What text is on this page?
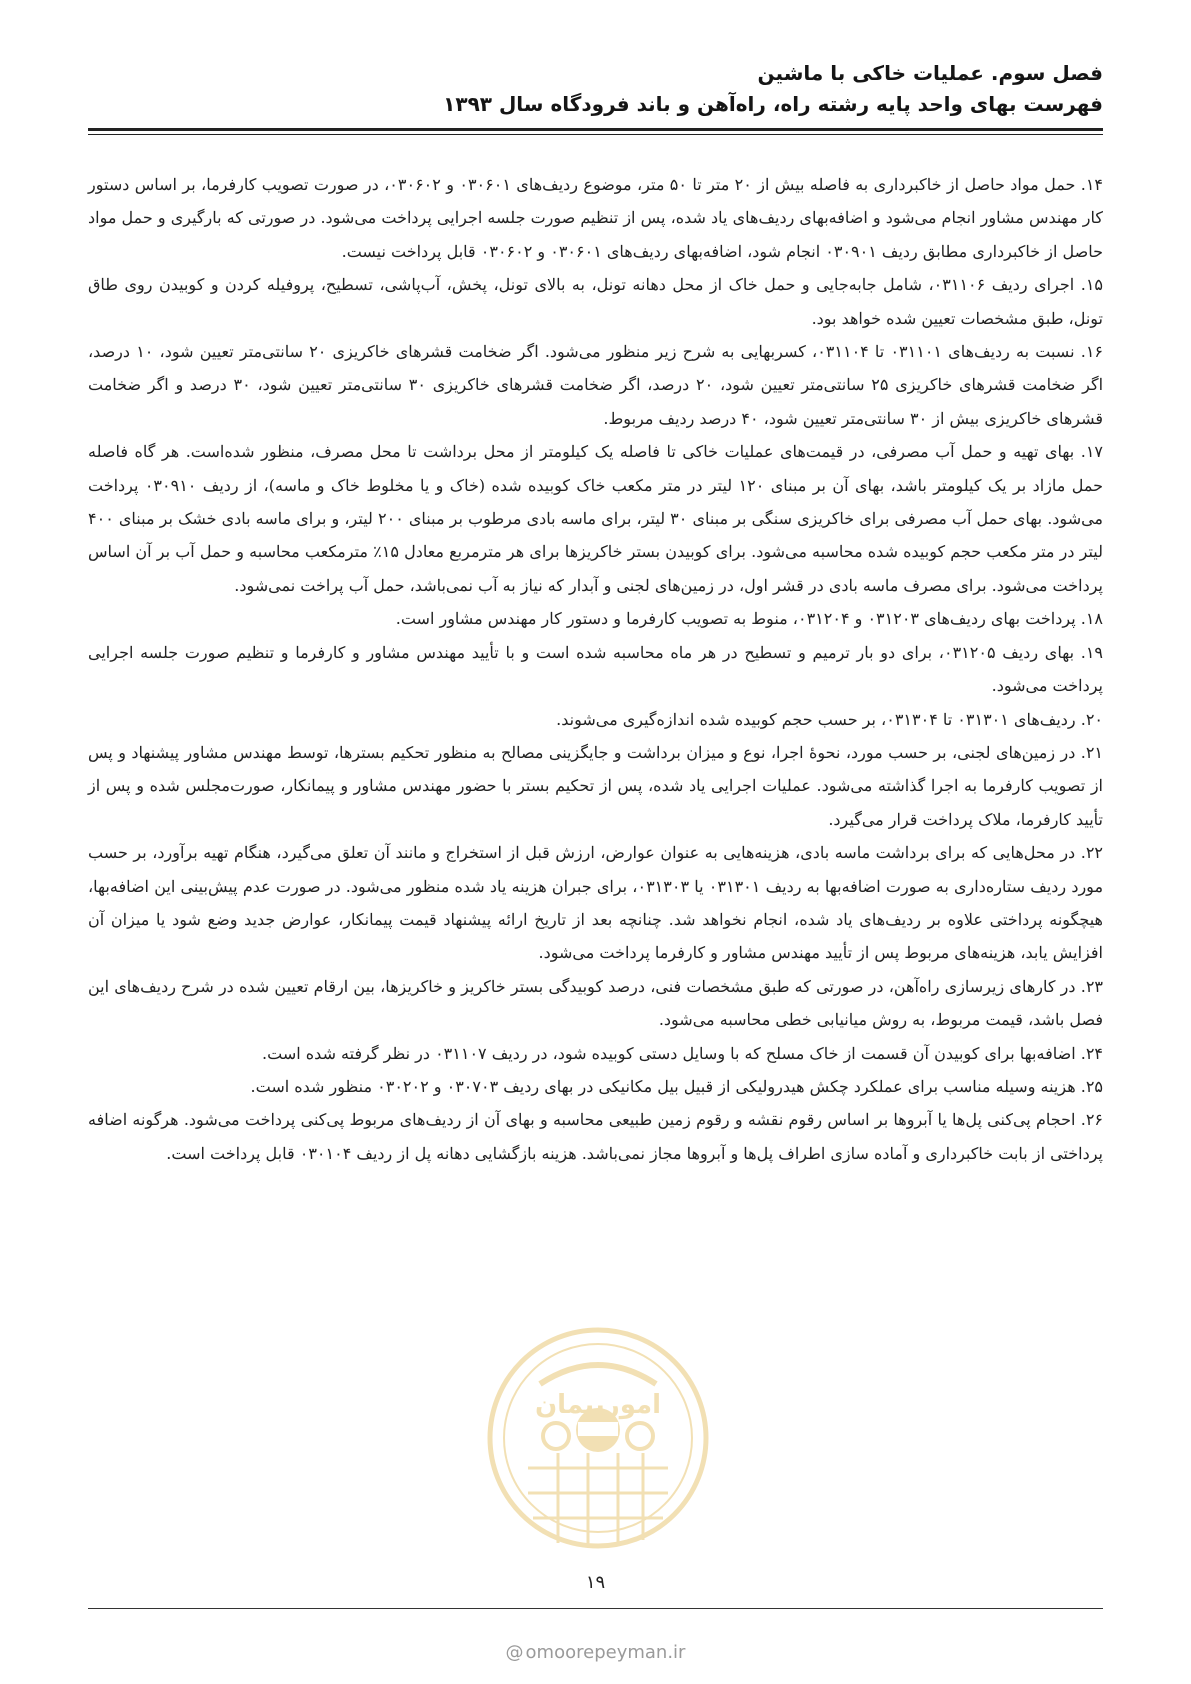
فصل سوم. عملیات خاکی با ماشین
فهرست بهای واحد پایه رشته راه، راه‌آهن و باند فرودگاه سال ۱۳۹۳

۱۴. حمل مواد حاصل از خاکبرداری به فاصله بیش از ۲۰ متر تا ۵۰ متر، موضوع ردیف‌های ۰۳۰۶۰۱ و ۰۳۰۶۰۲، در صورت تصویب کارفرما، بر اساس دستور کار مهندس مشاور انجام می‌شود و اضافه‌بهای ردیف‌های یاد شده، پس از تنظیم صورت جلسه اجرایی پرداخت می‌شود. در صورتی که بارگیری و حمل مواد حاصل از خاکبرداری مطابق ردیف ۰۳۰۹۰۱ انجام شود، اضافه‌بهای ردیف‌های ۰۳۰۶۰۱ و ۰۳۰۶۰۲ قابل پرداخت نیست.

۱۵. اجرای ردیف ۰۳۱۱۰۶، شامل جابه‌جایی و حمل خاک از محل دهانه تونل، به بالای تونل، پخش، آب‌پاشی، تسطیح، پروفیله کردن و کوبیدن روی طاق تونل، طبق مشخصات تعیین شده خواهد بود.

۱۶. نسبت به ردیف‌های ۰۳۱۱۰۱ تا ۰۳۱۱۰۴، کسربهایی به شرح زیر منظور می‌شود. اگر ضخامت قشرهای خاکریزی ۲۰ سانتی‌متر تعیین شود، ۱۰ درصد، اگر ضخامت قشرهای خاکریزی ۲۵ سانتی‌متر تعیین شود، ۲۰ درصد، اگر ضخامت قشرهای خاکریزی ۳۰ سانتی‌متر تعیین شود، ۳۰ درصد و اگر ضخامت قشرهای خاکریزی بیش از ۳۰ سانتی‌متر تعیین شود، ۴۰ درصد ردیف مربوط.

۱۷. بهای تهیه و حمل آب مصرفی، در قیمت‌های عملیات خاکی تا فاصله یک کیلومتر از محل برداشت تا محل مصرف، منظور شده‌است. هر گاه فاصله حمل مازاد بر یک کیلومتر باشد، بهای آن بر مبنای ۱۲۰ لیتر در متر مکعب خاک کوبیده شده (خاک و یا مخلوط خاک و ماسه)، از ردیف ۰۳۰۹۱۰ پرداخت می‌شود. بهای حمل آب مصرفی برای خاکریزی سنگی بر مبنای ۳۰ لیتر، برای ماسه بادی مرطوب بر مبنای ۲۰۰ لیتر، و برای ماسه بادی خشک بر مبنای ۴۰۰ لیتر در متر مکعب حجم کوبیده شده محاسبه می‌شود. برای کوبیدن بستر خاکریزها برای هر مترمربع معادل ۱۵٪ مترمکعب محاسبه و حمل آب بر آن اساس پرداخت می‌شود. برای مصرف ماسه بادی در قشر اول، در زمین‌های لجنی و آبدار که نیاز به آب نمی‌باشد، حمل آب پراخت نمی‌شود.

۱۸. پرداخت بهای ردیف‌های ۰۳۱۲۰۳ و ۰۳۱۲۰۴، منوط به تصویب کارفرما و دستور کار مهندس مشاور است.

۱۹. بهای ردیف ۰۳۱۲۰۵، برای دو بار ترمیم و تسطیح در هر ماه محاسبه شده است و با تأیید مهندس مشاور و کارفرما و تنظیم صورت جلسه اجرایی پرداخت می‌شود.

۲۰. ردیف‌های ۰۳۱۳۰۱ تا ۰۳۱۳۰۴، بر حسب حجم کوبیده شده اندازه‌گیری می‌شوند.

۲۱. در زمین‌های لجنی، بر حسب مورد، نحوهٔ اجرا، نوع و میزان برداشت و جایگزینی مصالح به منظور تحکیم بسترها، توسط مهندس مشاور پیشنهاد و پس از تصویب کارفرما به اجرا گذاشته می‌شود. عملیات اجرایی یاد شده، پس از تحکیم بستر با حضور مهندس مشاور و پیمانکار، صورت‌مجلس شده و پس از تأیید کارفرما، ملاک پرداخت قرار می‌گیرد.

۲۲. در محل‌هایی که برای برداشت ماسه بادی، هزینه‌هایی به عنوان عوارض، ارزش قبل از استخراج و مانند آن تعلق می‌گیرد، هنگام تهیه برآورد، بر حسب مورد ردیف ستاره‌داری به صورت اضافه‌بها به ردیف ۰۳۱۳۰۱ یا ۰۳۱۳۰۳، برای جبران هزینه یاد شده منظور می‌شود. در صورت عدم پیش‌بینی این اضافه‌بها، هیچگونه پرداختی علاوه بر ردیف‌های یاد شده، انجام نخواهد شد. چنانچه بعد از تاریخ ارائه پیشنهاد قیمت پیمانکار، عوارض جدید وضع شود یا میزان آن افزایش یابد، هزینه‌های مربوط پس از تأیید مهندس مشاور و کارفرما پرداخت می‌شود.

۲۳. در کارهای زیرسازی راه‌آهن، در صورتی که طبق مشخصات فنی، درصد کوبیدگی بستر خاکریز و خاکریزها، بین ارقام تعیین شده در شرح ردیف‌های این فصل باشد، قیمت مربوط، به روش میانیابی خطی محاسبه می‌شود.

۲۴. اضافه‌بها برای کوبیدن آن قسمت از خاک مسلح که با وسایل دستی کوبیده شود، در ردیف ۰۳۱۱۰۷ در نظر گرفته شده است.

۲۵. هزینه وسیله مناسب برای عملکرد چکش هیدرولیکی از قبیل بیل مکانیکی در بهای ردیف ۰۳۰۷۰۳ و ۰۳۰۲۰۲ منظور شده است.

۲۶. احجام پی‌کنی پل‌ها یا آبروها بر اساس رقوم نقشه و رقوم زمین طبیعی محاسبه و بهای آن از ردیف‌های مربوط پی‌کنی پرداخت می‌شود. هرگونه اضافه پرداختی از بابت خاکبرداری و آماده سازی اطراف پل‌ها و آبروها مجاز نمی‌باشد. هزینه بازگشایی دهانه پل از ردیف ۰۳۰۱۰۴ قابل پرداخت است.

امورپیمان
۱۹
@ omoorepeyman.ir
